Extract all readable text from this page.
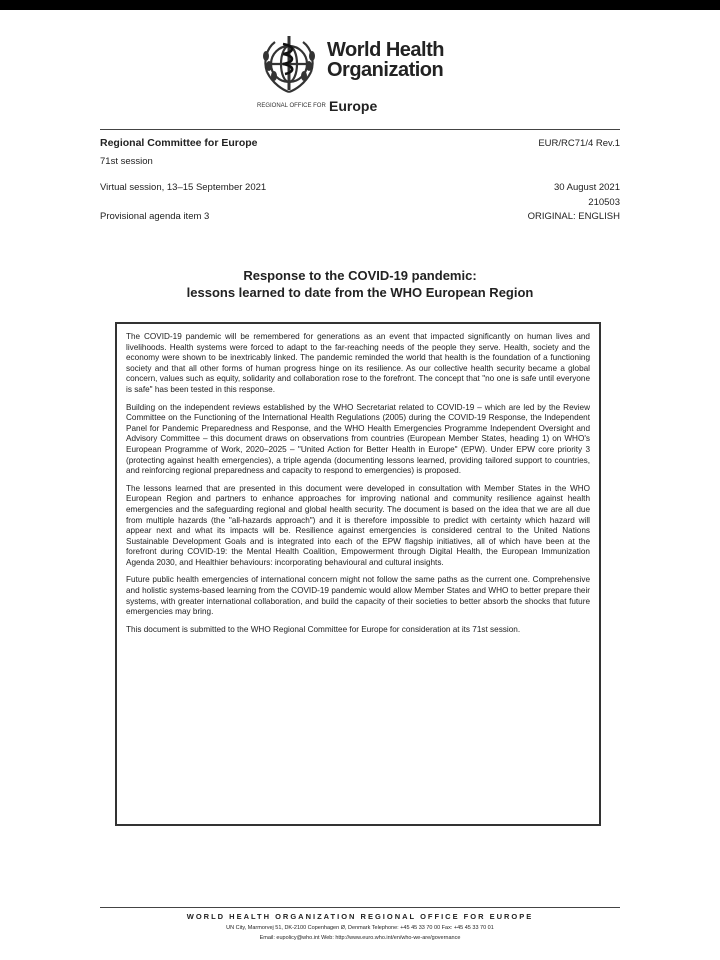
World Health
Organization
REGIONAL OFFICE FOR Europe
Regional Committee for Europe
71st session
Virtual session, 13–15 September 2021
Provisional agenda item 3
EUR/RC71/4 Rev.1
30 August 2021
210503
ORIGINAL: ENGLISH
Response to the COVID-19 pandemic:
lessons learned to date from the WHO European Region

The COVID-19 pandemic will be remembered for generations as an event that impacted significantly on human lives and livelihoods. Health systems were forced to adapt to the far-reaching needs of the people they serve. Health, society and the economy were shown to be inextricably linked. The pandemic reminded the world that health is the foundation of a functioning society and that all other forms of human progress hinge on its resilience. As our collective health security became a global concern, values such as equity, solidarity and collaboration rose to the forefront. The concept that "no one is safe until everyone is safe" has been tested in this response.

Building on the independent reviews established by the WHO Secretariat related to COVID-19 – which are led by the Review Committee on the Functioning of the International Health Regulations (2005) during the COVID-19 Response, the Independent Panel for Pandemic Preparedness and Response, and the WHO Health Emergencies Programme Independent Oversight and Advisory Committee – this document draws on observations from countries (European Member States, heading 1) on WHO's European Programme of Work, 2020–2025 – "United Action for Better Health in Europe" (EPW). Under EPW core priority 3 (protecting against health emergencies), a triple agenda (documenting lessons learned, providing tailored support to countries, and reinforcing regional preparedness and capacity to respond to emergencies) is proposed.

The lessons learned that are presented in this document were developed in consultation with Member States in the WHO European Region and partners to enhance approaches for improving national and community resilience against health emergencies and the safeguarding regional and global health security. The document is based on the idea that we are all due from multiple hazards (the "all-hazards approach") and it is therefore impossible to predict with certainty which hazard will appear next and what its impacts will be. Resilience against emergencies is considered central to the United Nations Sustainable Development Goals and is integrated into each of the EPW flagship initiatives, all of which have been at the forefront during COVID-19: the Mental Health Coalition, Empowerment through Digital Health, the European Immunization Agenda 2030, and Healthier behaviours: incorporating behavioural and cultural insights.

Future public health emergencies of international concern might not follow the same paths as the current one. Comprehensive and holistic systems-based learning from the COVID-19 pandemic would allow Member States and WHO to better prepare their systems, with greater international collaboration, and build the capacity of their societies to better absorb the shocks that future emergencies may bring.

This document is submitted to the WHO Regional Committee for Europe for consideration at its 71st session.

WORLD HEALTH ORGANIZATION REGIONAL OFFICE FOR EUROPE
UN City, Marmorvej 51, DK-2100 Copenhagen Ø, Denmark Telephone: +45 45 33 70 00 Fax: +45 45 33 70 01
Email: eupolicy@who.int Web: http://www.euro.who.int/en/who-we-are/governance
